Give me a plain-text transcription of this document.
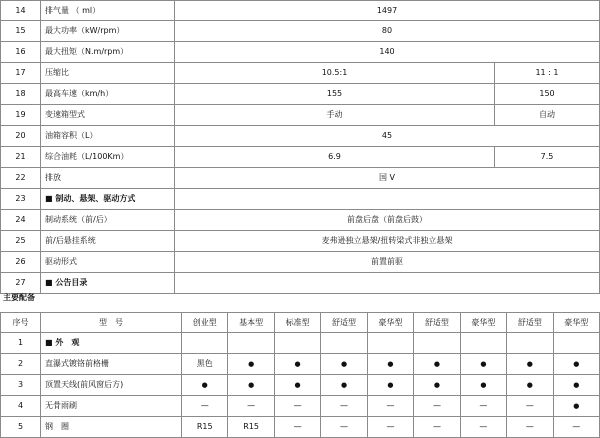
14	排气量 （ ml）	1497
15	最大功率（kW/rpm）	80
16	最大扭矩（N.m/rpm）	140
17	压缩比	10.5:1	11 : 1
18	最高车速（km/h）	155	150
19	变速箱型式	手动	自动
20	油箱容积（L）	45
21	综合油耗（L/100Km）	6.9	7.5
22	排放	国 V
23	■ 制动、悬架、驱动方式
24	制动系统（前/后）	前盘后盘（前盘后鼓）
25	前/后悬挂系统	麦弗逊独立悬架/扭转梁式非独立悬架
26	驱动形式	前置前驱
27	■ 公告目录
主要配备
序号	型　号	创业型	基本型	标准型	舒适型	豪华型	舒适型	豪华型	舒适型	豪华型
1	■ 外　观
2	直瀑式镀铬前格栅	黑色	●	●	●	●	●	●	●	●
3	顶置天线(前风窗后方)	●	●	●	●	●	●	●	●	●
4	无骨雨刷	—	—	—	—	—	—	—	—	●
5	钢　圈	R15	R15	—	—	—	—	—	—	—
